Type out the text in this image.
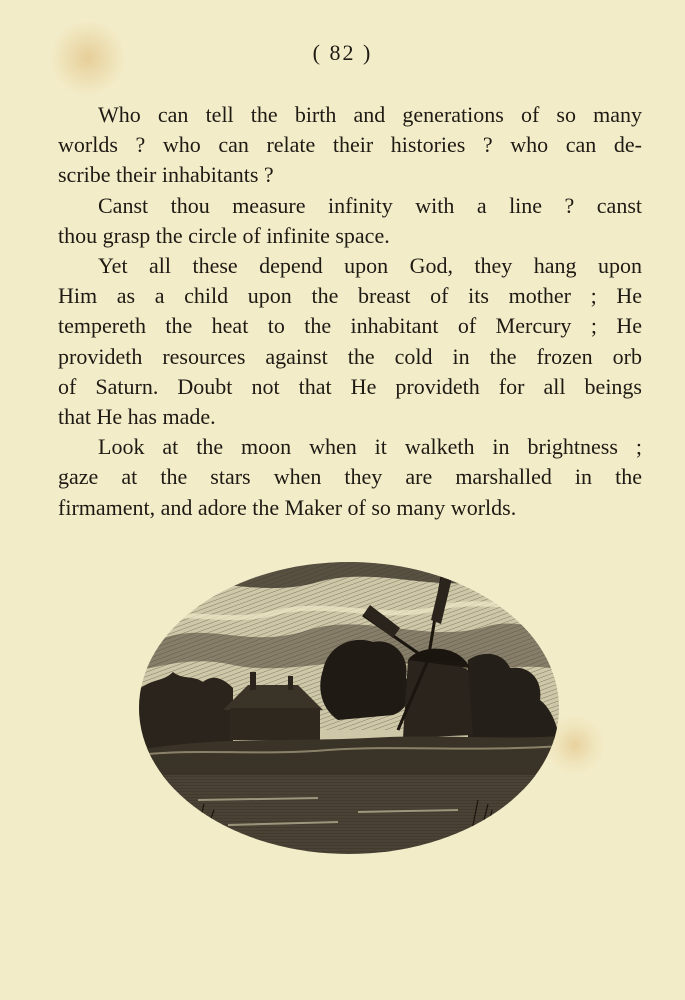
( 82 )

Who can tell the birth and generations of so many
worlds ? who can relate their histories ? who can de-
scribe their inhabitants ?

Canst thou measure infinity with a line ? canst
thou grasp the circle of infinite space.

Yet all these depend upon God, they hang upon
Him as a child upon the breast of its mother ; He
tempereth the heat to the inhabitant of Mercury ; He
provideth resources against the cold in the frozen orb
of Saturn. Doubt not that He provideth for all beings
that He has made.

Look at the moon when it walketh in brightness ;
gaze at the stars when they are marshalled in the
firmament, and adore the Maker of so many worlds.
